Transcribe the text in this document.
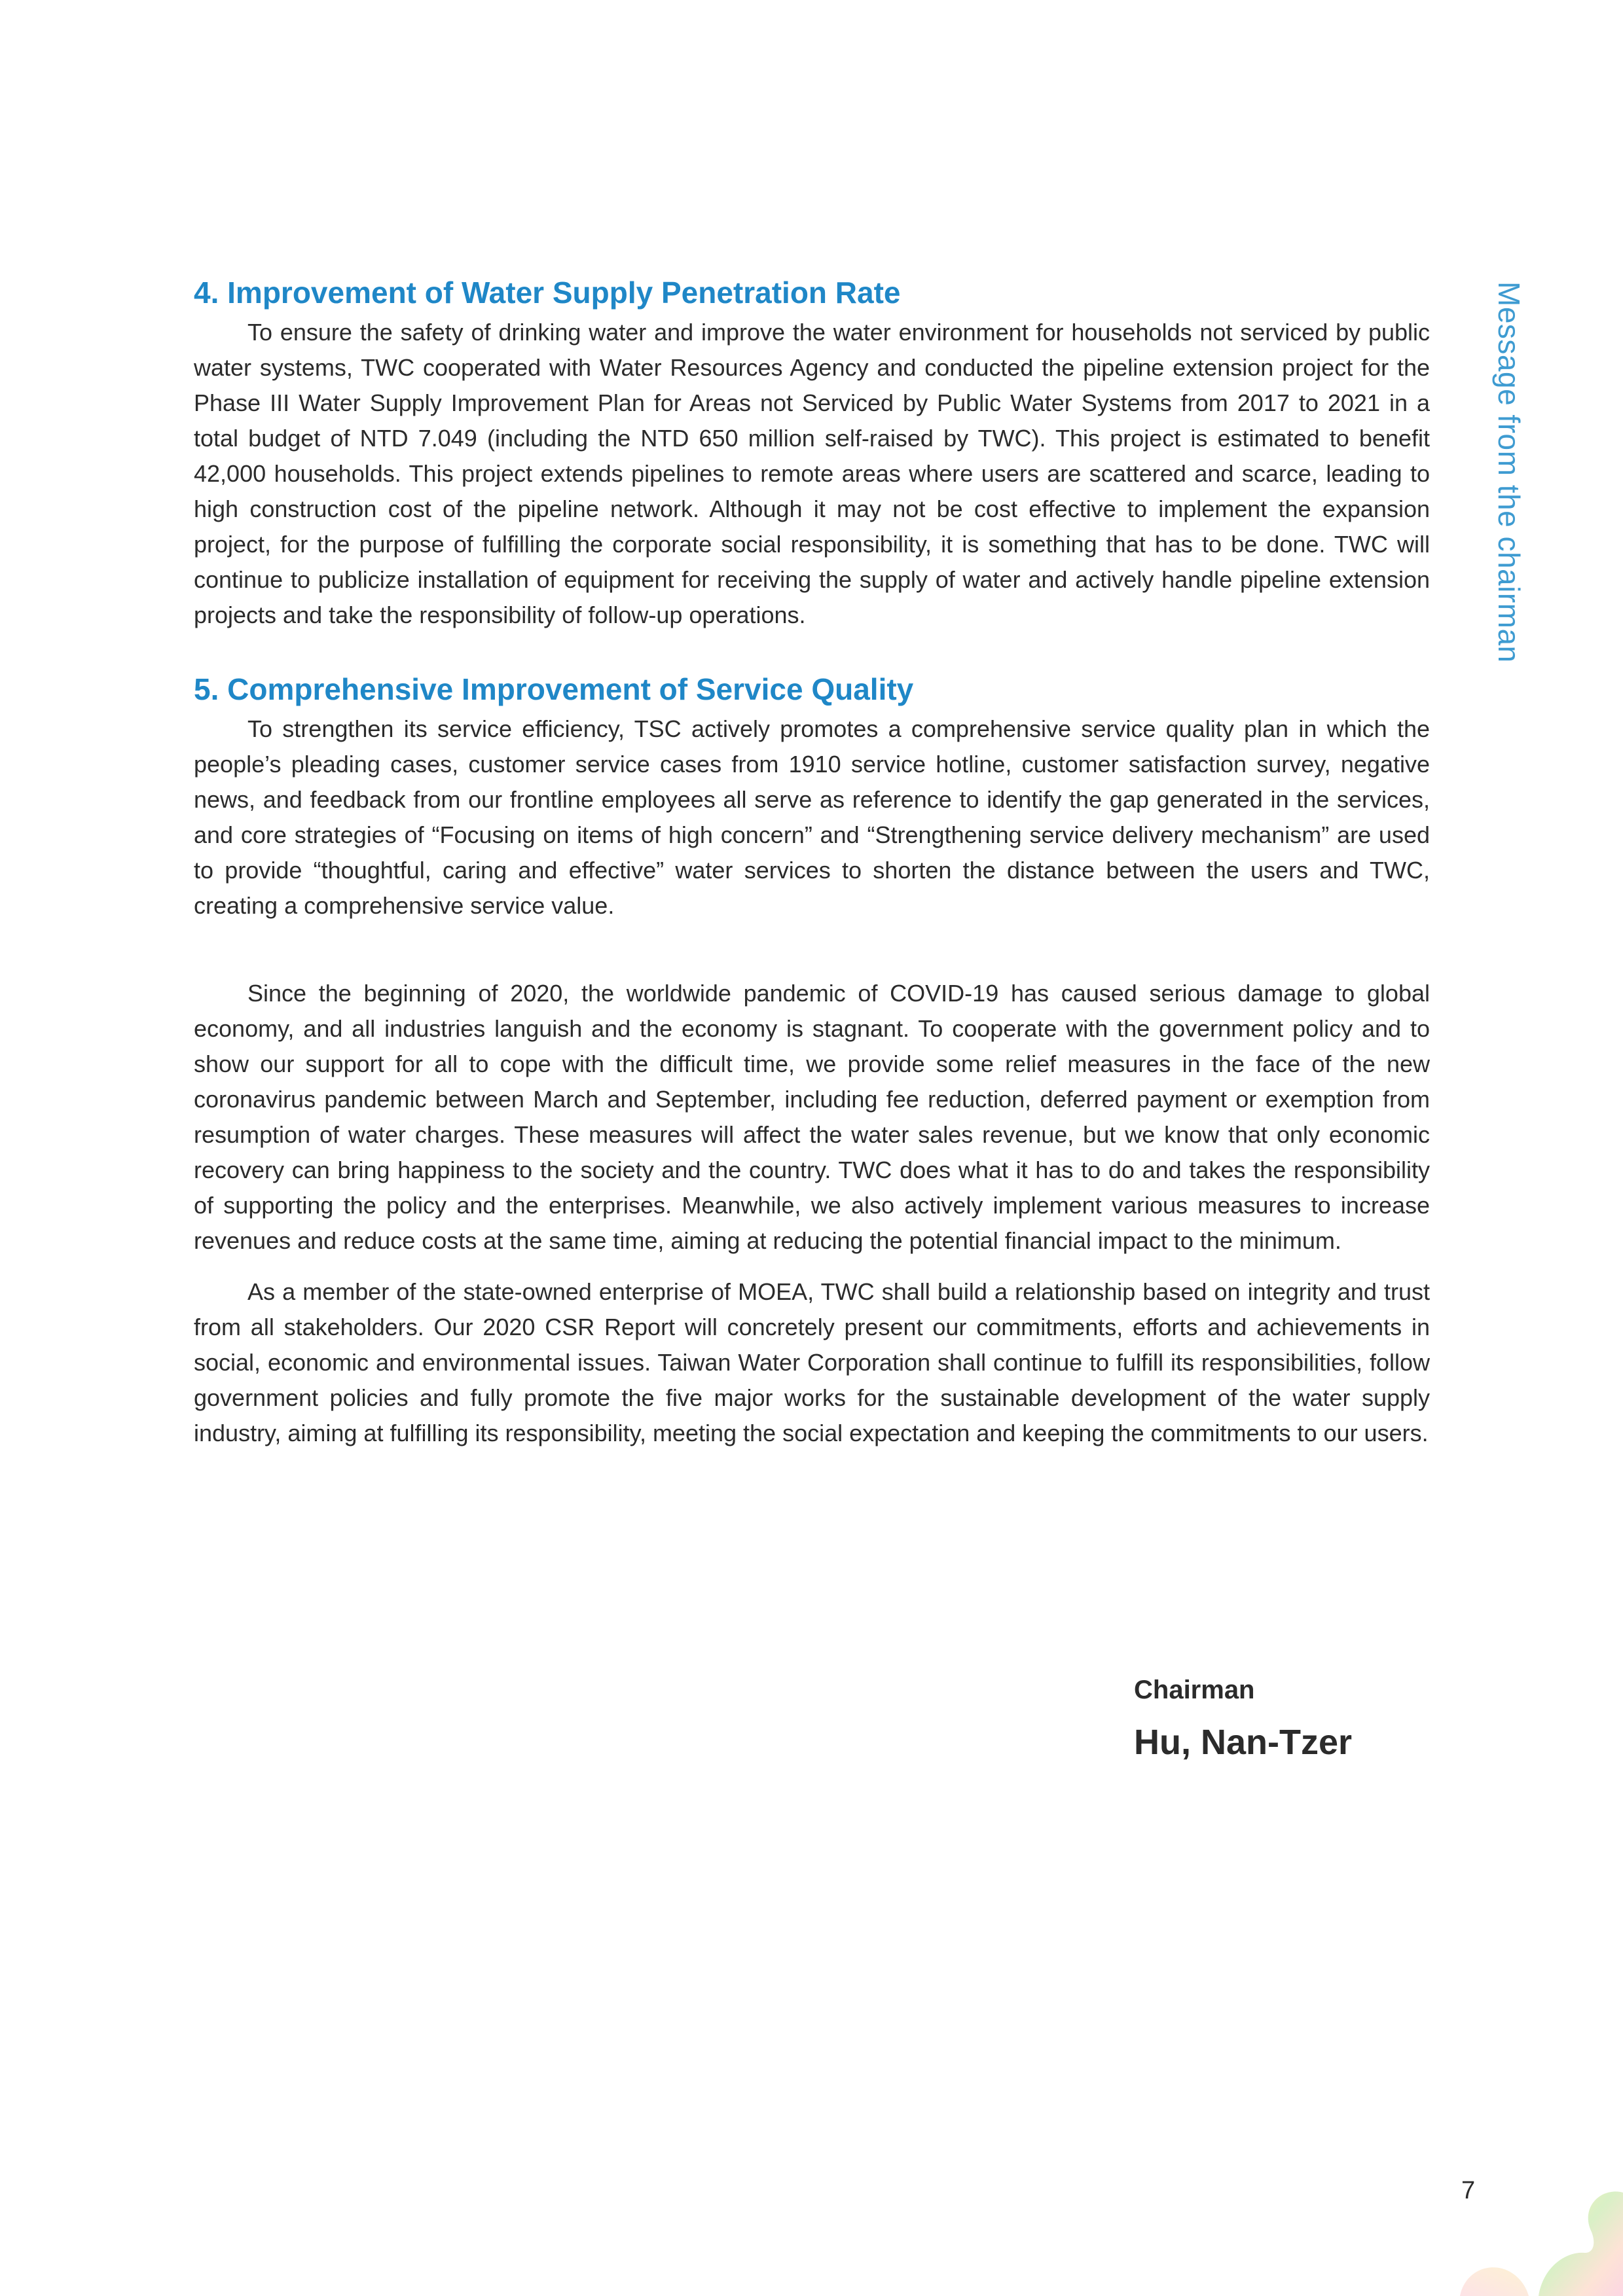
4. Improvement of Water Supply Penetration Rate

To ensure the safety of drinking water and improve the water environment for households not serviced by public water systems, TWC cooperated with Water Resources Agency and conducted the pipeline extension project for the Phase III Water Supply Improvement Plan for Areas not Serviced by Public Water Systems from 2017 to 2021 in a total budget of NTD 7.049 (including the NTD 650 million self-raised by TWC). This project is estimated to benefit 42,000 households. This project extends pipelines to remote areas where users are scattered and scarce, leading to high construction cost of the pipeline network. Although it may not be cost effective to implement the expansion project, for the purpose of fulfilling the corporate social responsibility, it is something that has to be done. TWC will continue to publicize installation of equipment for receiving the supply of water and actively handle pipeline extension projects and take the responsibility of follow-up operations.

5. Comprehensive Improvement of Service Quality

To strengthen its service efficiency, TSC actively promotes a comprehensive service quality plan in which the people’s pleading cases, customer service cases from 1910 service hotline, customer satisfaction survey, negative news, and feedback from our frontline employees all serve as reference to identify the gap generated in the services, and core strategies of “Focusing on items of high concern” and “Strengthening service delivery mechanism” are used to provide “thoughtful, caring and effective” water services to shorten the distance between the users and TWC, creating a comprehensive service value.

Since the beginning of 2020, the worldwide pandemic of COVID-19 has caused serious damage to global economy, and all industries languish and the economy is stagnant. To cooperate with the government policy and to show our support for all to cope with the difficult time, we provide some relief measures in the face of the new coronavirus pandemic between March and September, including fee reduction, deferred payment or exemption from resumption of water charges. These measures will affect the water sales revenue, but we know that only economic recovery can bring happiness to the society and the country. TWC does what it has to do and takes the responsibility of supporting the policy and the enterprises. Meanwhile, we also actively implement various measures to increase revenues and reduce costs at the same time, aiming at reducing the potential financial impact to the minimum.

As a member of the state-owned enterprise of MOEA, TWC shall build a relationship based on integrity and trust from all stakeholders. Our 2020 CSR Report will concretely present our commitments, efforts and achievements in social, economic and environmental issues. Taiwan Water Corporation shall continue to fulfill its responsibilities, follow government policies and fully promote the five major works for the sustainable development of the water supply industry, aiming at fulfilling its responsibility, meeting the social expectation and keeping the commitments to our users.

Chairman
Hu, Nan-Tzer
Message from the chairman
7
